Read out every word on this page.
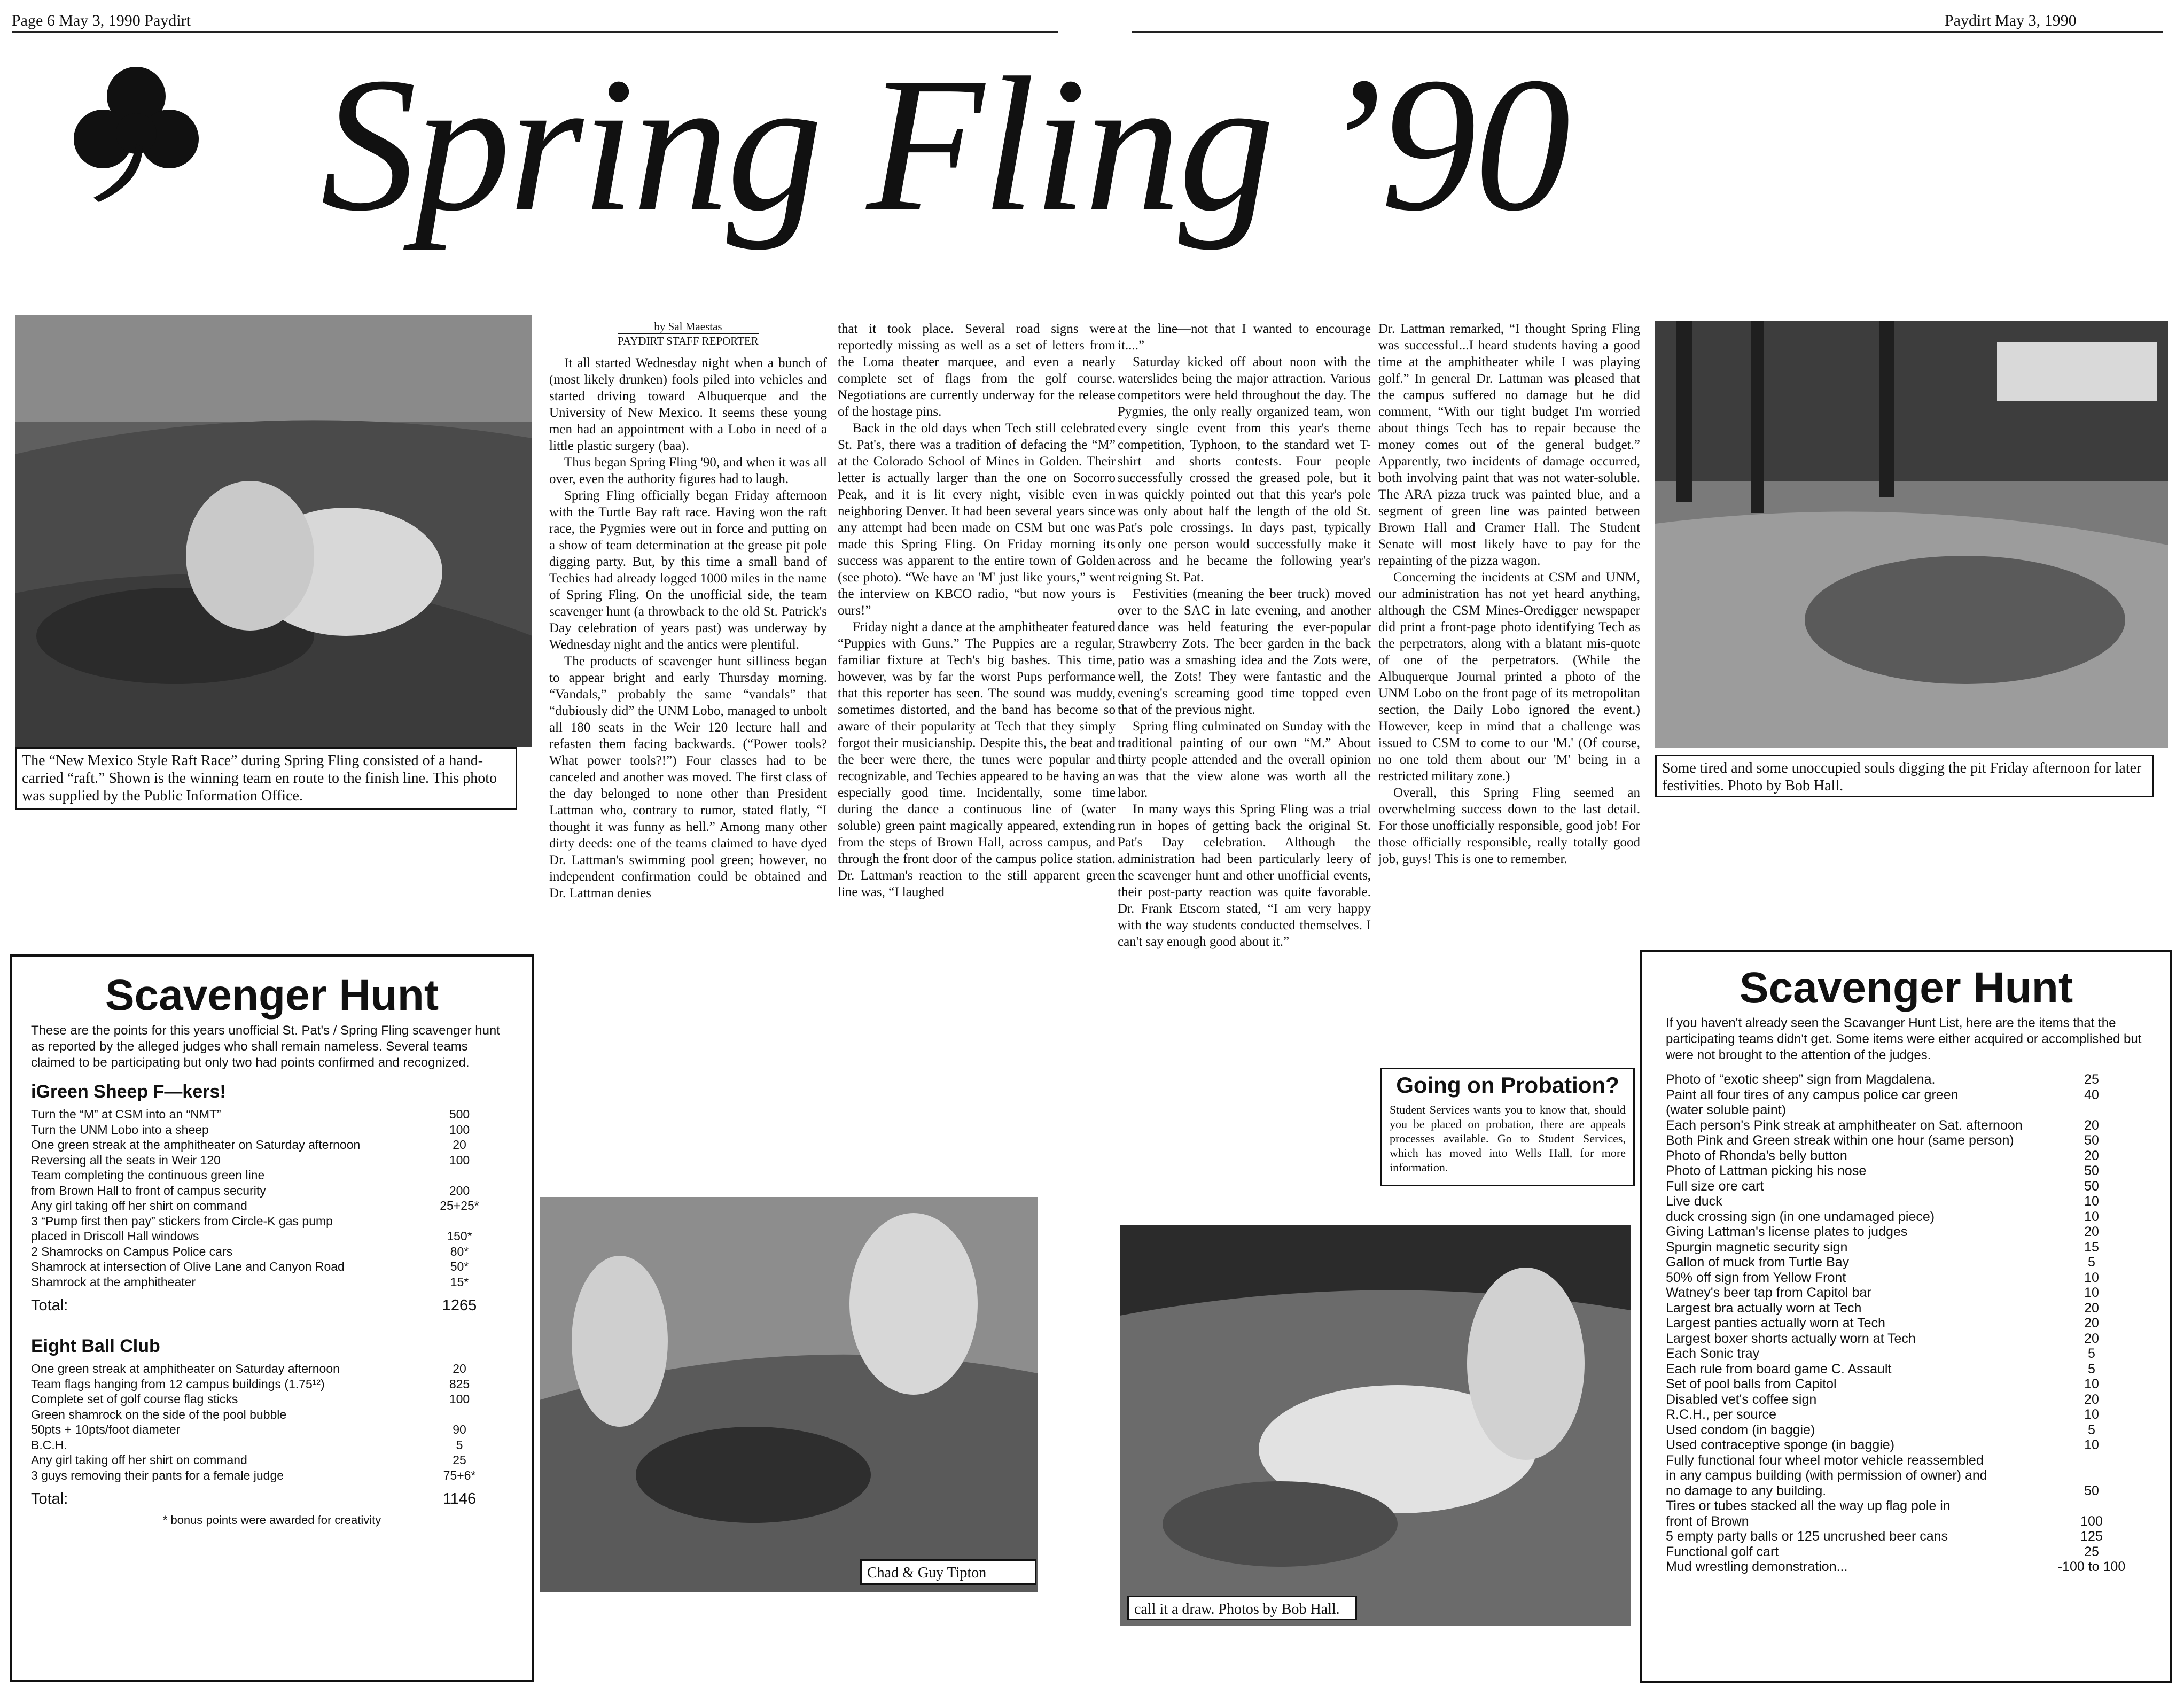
Page 6 May 3, 1990 Paydirt	Paydirt May 3, 1990
Spring Fling ’90
The “New Mexico Style Raft Race” during Spring Fling consisted of a hand-carried “raft.” Shown is the winning team en route to the finish line. This photo was supplied by the Public Information Office.
Some tired and some unoccupied souls digging the pit Friday afternoon for later festivities. Photo by Bob Hall.
by Sal Maestas
PAYDIRT STAFF REPORTER

It all started Wednesday night when a bunch of (most likely drunken) fools piled into vehicles and started driving toward Albuquerque and the University of New Mexico. It seems these young men had an appointment with a Lobo in need of a little plastic surgery (baa).

Thus began Spring Fling '90, and when it was all over, even the authority figures had to laugh.

Spring Fling officially began Friday afternoon with the Turtle Bay raft race. Having won the raft race, the Pygmies were out in force and putting on a show of team determination at the grease pit pole digging party. But, by this time a small band of Techies had already logged 1000 miles in the name of Spring Fling. On the unofficial side, the team scavenger hunt (a throwback to the old St. Patrick's Day celebration of years past) was underway by Wednesday night and the antics were plentiful.

The products of scavenger hunt silliness began to appear bright and early Thursday morning. “Vandals,” probably the same “vandals” that “dubiously did” the UNM Lobo, managed to unbolt all 180 seats in the Weir 120 lecture hall and refasten them facing backwards. (“Power tools? What power tools?!”) Four classes had to be canceled and another was moved. The first class of the day belonged to none other than President Lattman who, contrary to rumor, stated flatly, “I thought it was funny as hell.” Among many other dirty deeds: one of the teams claimed to have dyed Dr. Lattman's swimming pool green; however, no independent confirmation could be obtained and Dr. Lattman denies

that it took place. Several road signs were reportedly missing as well as a set of letters from the Loma theater marquee, and even a nearly complete set of flags from the golf course. Negotiations are currently underway for the release of the hostage pins.

Back in the old days when Tech still celebrated St. Pat's, there was a tradition of defacing the “M” at the Colorado School of Mines in Golden. Their letter is actually larger than the one on Socorro Peak, and it is lit every night, visible even in neighboring Denver. It had been several years since any attempt had been made on CSM but one was made this Spring Fling. On Friday morning its success was apparent to the entire town of Golden (see photo). “We have an 'M' just like yours,” went the interview on KBCO radio, “but now yours is ours!”

Friday night a dance at the amphitheater featured “Puppies with Guns.” The Puppies are a regular, familiar fixture at Tech's big bashes. This time, however, was by far the worst Pups performance that this reporter has seen. The sound was muddy, sometimes distorted, and the band has become so aware of their popularity at Tech that they simply forgot their musicianship. Despite this, the beat and the beer were there, the tunes were popular and recognizable, and Techies appeared to be having an especially good time. Incidentally, some time during the dance a continuous line of (water soluble) green paint magically appeared, extending from the steps of Brown Hall, across campus, and through the front door of the campus police station. Dr. Lattman's reaction to the still apparent green line was, “I laughed

at the line—not that I wanted to encourage it....”

Saturday kicked off about noon with the waterslides being the major attraction. Various competitors were held throughout the day. The Pygmies, the only really organized team, won every single event from this year's theme competition, Typhoon, to the standard wet T-shirt and shorts contests. Four people successfully crossed the greased pole, but it was quickly pointed out that this year's pole was only about half the length of the old St. Pat's pole crossings. In days past, typically only one person would successfully make it across and he became the following year's reigning St. Pat.

Festivities (meaning the beer truck) moved over to the SAC in late evening, and another dance was held featuring the ever-popular Strawberry Zots. The beer garden in the back patio was a smashing idea and the Zots were, well, the Zots! They were fantastic and the evening's screaming good time topped even that of the previous night.

Spring fling culminated on Sunday with the traditional painting of our own “M.” About thirty people attended and the overall opinion was that the view alone was worth all the labor.

In many ways this Spring Fling was a trial run in hopes of getting back the original St. Pat's Day celebration. Although the administration had been particularly leery of the scavenger hunt and other unofficial events, their post-party reaction was quite favorable. Dr. Frank Etscorn stated, “I am very happy with the way students conducted themselves. I can't say enough good about it.”

Dr. Lattman remarked, “I thought Spring Fling was successful...I heard students having a good time at the amphitheater while I was playing golf.” In general Dr. Lattman was pleased that the campus suffered no damage but he did comment, “With our tight budget I'm worried about things Tech has to repair because the money comes out of the general budget.” Apparently, two incidents of damage occurred, both involving paint that was not water-soluble. The ARA pizza truck was painted blue, and a segment of green line was painted between Brown Hall and Cramer Hall. The Student Senate will most likely have to pay for the repainting of the pizza wagon.

Concerning the incidents at CSM and UNM, our administration has not yet heard anything, although the CSM Mines-Oredigger newspaper did print a front-page photo identifying Tech as the perpetrators, along with a blatant mis-quote of one of the perpetrators. (While the Albuquerque Journal printed a photo of the UNM Lobo on the front page of its metropolitan section, the Daily Lobo ignored the event.) However, keep in mind that a challenge was issued to CSM to come to our 'M.' (Of course, no one told them about our 'M' being in a restricted military zone.)

Overall, this Spring Fling seemed an overwhelming success down to the last detail. For those unofficially responsible, good job! For those officially responsible, really totally good job, guys! This is one to remember.

Going on Probation?

Student Services wants you to know that, should you be placed on probation, there are appeals processes available. Go to Student Services, which has moved into Wells Hall, for more information.

Chad & Guy Tipton
call it a draw. Photos by Bob Hall.
Scavenger Hunt
These are the points for this years unofficial St. Pat's / Spring Fling scavenger hunt as reported by the alleged judges who shall remain nameless. Several teams claimed to be participating but only two had points confirmed and recognized.
iGreen Sheep F—kers!
Turn the “M” at CSM into an “NMT”	500
Turn the UNM Lobo into a sheep	100
One green streak at the amphitheater on Saturday afternoon	20
Reversing all the seats in Weir 120	100
Team completing the continuous green line
from Brown Hall to front of campus security	200
Any girl taking off her shirt on command	25+25*
3 “Pump first then pay” stickers from Circle-K gas pump
placed in Driscoll Hall windows	150*
2 Shamrocks on Campus Police cars	80*
Shamrock at intersection of Olive Lane and Canyon Road	50*
Shamrock at the amphitheater	15*
Total:	1265
Eight Ball Club
One green streak at amphitheater on Saturday afternoon	20
Team flags hanging from 12 campus buildings (1.75¹²)	825
Complete set of golf course flag sticks	100
Green shamrock on the side of the pool bubble
50pts + 10pts/foot diameter	90
B.C.H.	5
Any girl taking off her shirt on command	25
3 guys removing their pants for a female judge	75+6*
Total:	1146
* bonus points were awarded for creativity
Scavenger Hunt
If you haven't already seen the Scavanger Hunt List, here are the items that the participating teams didn't get. Some items were either acquired or accomplished but were not brought to the attention of the judges.
Photo of “exotic sheep” sign from Magdalena.	25
Paint all four tires of any campus police car green	40
(water soluble paint)
Each person's Pink streak at amphitheater on Sat. afternoon	20
Both Pink and Green streak within one hour (same person)	50
Photo of Rhonda's belly button	20
Photo of Lattman picking his nose	50
Full size ore cart	50
Live duck	10
duck crossing sign (in one undamaged piece)	10
Giving Lattman's license plates to judges	20
Spurgin magnetic security sign	15
Gallon of muck from Turtle Bay	5
50% off sign from Yellow Front	10
Watney's beer tap from Capitol bar	10
Largest bra actually worn at Tech	20
Largest panties actually worn at Tech	20
Largest boxer shorts actually worn at Tech	20
Each Sonic tray	5
Each rule from board game C. Assault	5
Set of pool balls from Capitol	10
Disabled vet's coffee sign	20
R.C.H., per source	10
Used condom (in baggie)	5
Used contraceptive sponge (in baggie)	10
Fully functional four wheel motor vehicle reassembled
in any campus building (with permission of owner) and
no damage to any building.	50
Tires or tubes stacked all the way up flag pole in
front of Brown	100
5 empty party balls or 125 uncrushed beer cans	125
Functional golf cart	25
Mud wrestling demonstration...	-100 to 100
